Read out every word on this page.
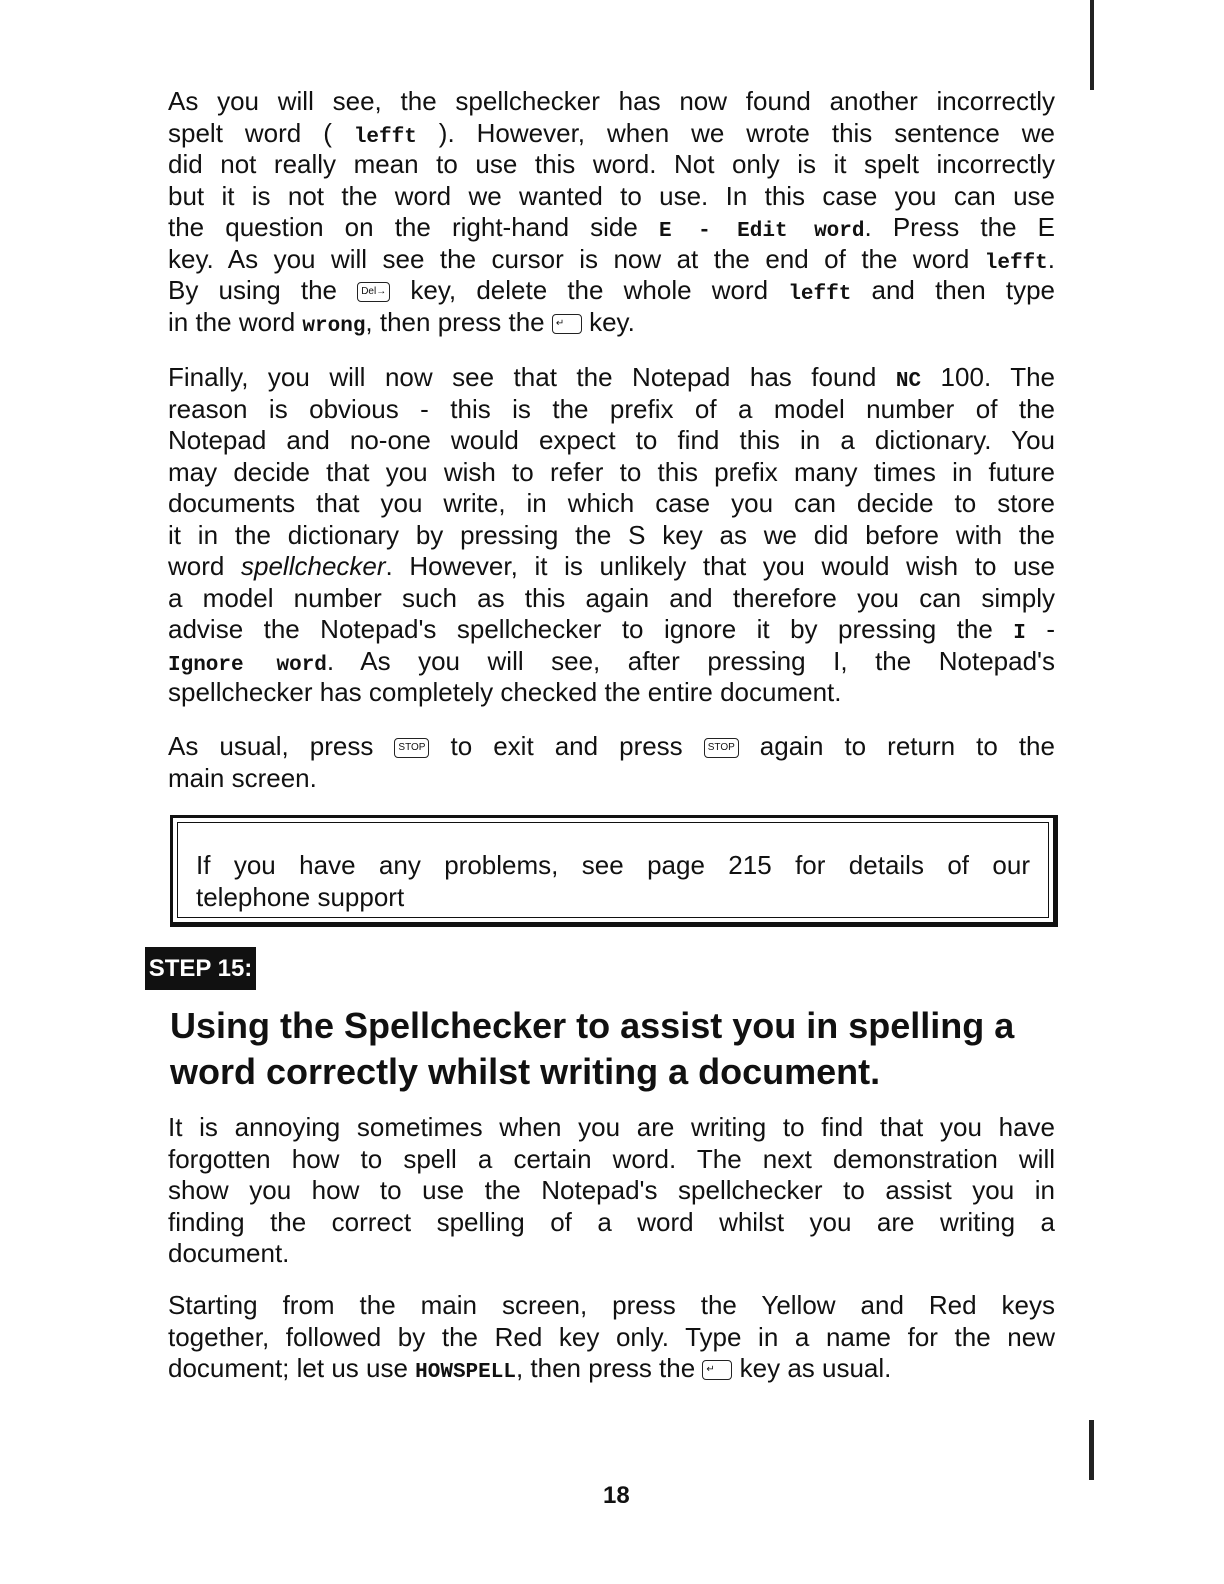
As you will see, the spellchecker has now found another incorrectly
spelt word ( lefft ). However, when we wrote this sentence we
did not really mean to use this word. Not only is it spelt incorrectly
but it is not the word we wanted to use. In this case you can use
the question on the right-hand side E - Edit word. Press the E
key. As you will see the cursor is now at the end of the word lefft.
By using the Del→ key, delete the whole word lefft and then type
in the word wrong, then press the ↵ key.
Finally, you will now see that the Notepad has found NC 100. The
reason is obvious - this is the prefix of a model number of the
Notepad and no-one would expect to find this in a dictionary. You
may decide that you wish to refer to this prefix many times in future
documents that you write, in which case you can decide to store
it in the dictionary by pressing the S key as we did before with the
word spellchecker. However, it is unlikely that you would wish to use
a model number such as this again and therefore you can simply
advise the Notepad's spellchecker to ignore it by pressing the I -
Ignore word. As you will see, after pressing I, the Notepad's
spellchecker has completely checked the entire document.
As usual, press STOP to exit and press STOP again to return to the
main screen.
If you have any problems, see page 215 for details of our
telephone support
STEP 15:
Using the Spellchecker to assist you in spelling a
word correctly whilst writing a document.
It is annoying sometimes when you are writing to find that you have
forgotten how to spell a certain word. The next demonstration will
show you how to use the Notepad's spellchecker to assist you in
finding the correct spelling of a word whilst you are writing a
document.
Starting from the main screen, press the Yellow and Red keys
together, followed by the Red key only. Type in a name for the new
document; let us use HOWSPELL, then press the ↵ key as usual.
18
